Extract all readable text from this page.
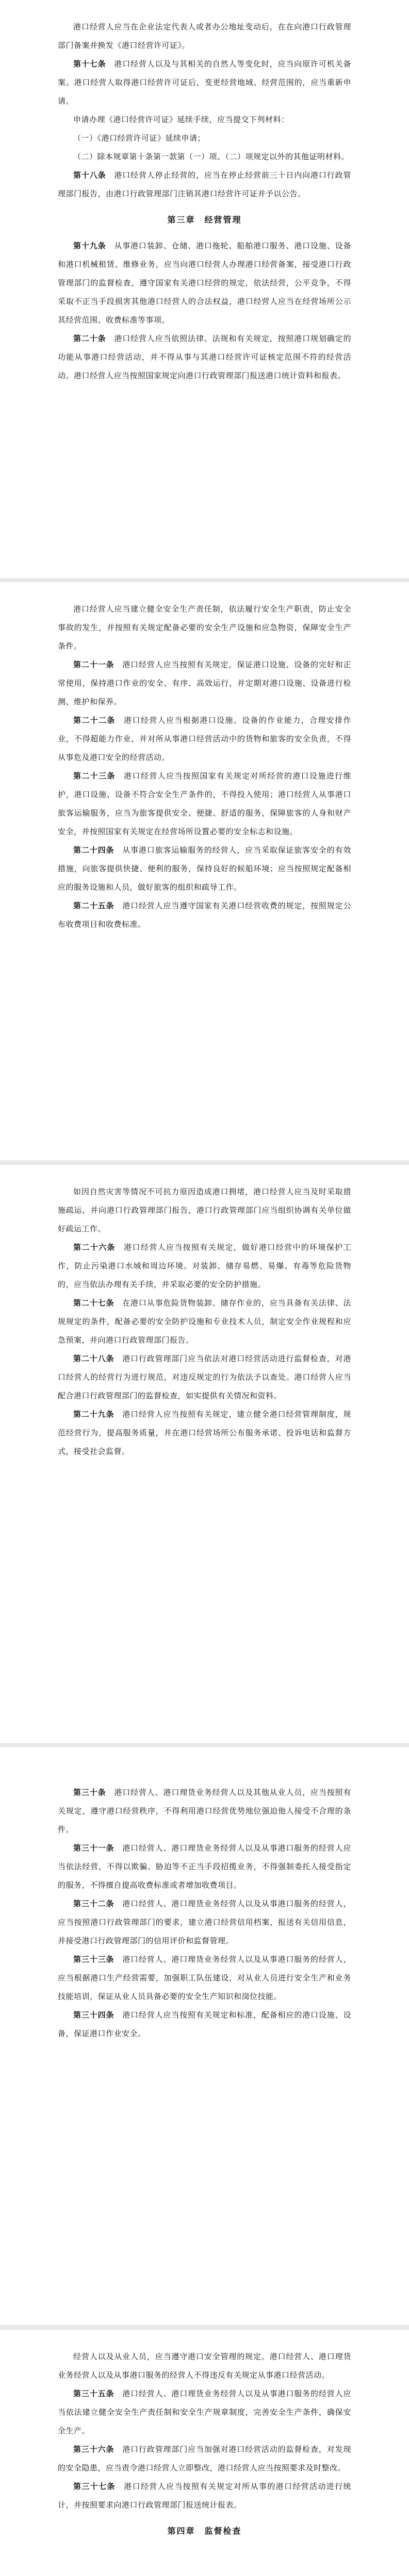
港口经营人应当在企业法定代表人或者办公地址变动后，在在向港口行政管理部门备案并换发《港口经营许可证》。

第十七条　 港口经营人以及与其相关的自然人等变化时，应当向原许可机关备案。港口经营人取得港口经营许可证后，变更经营地域、经营范围的，应当重新申请。

申请办理《港口经营许可证》延续手续，应当提交下列材料：

（一）《港口经营许可证》延续申请；

（二）除本规章第十条第一款第（一）项、（二）项规定以外的其他证明材料。

第十八条　 港口经营人停止经营的，应当在停止经营前三十日内向港口行政管理部门报告，由港口行政管理部门注销其港口经营许可证并予以公告。

第三章　经营管理

第十九条　 从事港口装卸、仓储、港口拖轮、船舶港口服务、港口设施、设备和港口机械租赁、维修业务，应当向港口经营人办理港口经营备案，接受港口行政管理部门的监督检查，遵守国家有关港口经营的规定，依法经营，公平竞争，不得采取不正当手段损害其他港口经营人的合法权益，港口经营人应当在经营场所公示其经营范围、收费标准等事项。

第二十条　 港口经营人应当依照法律、法规和有关规定，按照港口规划确定的功能从事港口经营活动，并不得从事与其港口经营许可证核定范围不符的经营活动。港口经营人应当按照国家规定向港口行政管理部门报送港口统计资料和报表。

港口经营人应当建立健全安全生产责任制，依法履行安全生产职责，防止安全事故的发生，并按照有关规定配备必要的安全生产设施和应急物资，保障安全生产条件。

第二十一条　 港口经营人应当按照有关规定，保证港口设施、设备的完好和正常使用，保持港口作业的安全、有序、高效运行，并定期对港口设施、设备进行检测、维护和保养。

第二十二条　 港口经营人应当根据港口设施、设备的作业能力，合理安排作业，不得超能力作业，并对所从事港口经营活动中的货物和旅客的安全负责，不得从事危及港口安全的经营活动。

第二十三条　 港口经营人应当按照国家有关规定对所经营的港口设施进行维护，港口设施、设备不符合安全生产条件的，不得投入使用；港口经营人从事港口旅客运输服务，应当为旅客提供安全、便捷、舒适的服务，保障旅客的人身和财产安全，并按照国家有关规定在经营场所设置必要的安全标志和设施。

第二十四条　 从事港口旅客运输服务的经营人，应当采取保证旅客安全的有效措施，向旅客提供快捷、便利的服务，保持良好的候船环境；应当按照规定配备相应的服务设施和人员，做好旅客的组织和疏导工作。

第二十五条　 港口经营人应当遵守国家有关港口经营收费的规定，按照规定公布收费项目和收费标准。

如因自然灾害等情况不可抗力原因造成港口拥堵，港口经营人应当及时采取措施疏运，并向港口行政管理部门报告，港口行政管理部门应当组织协调有关单位做好疏运工作。

第二十六条　 港口经营人应当按照有关规定，做好港口经营中的环境保护工作，防止污染港口水域和周边环境。对装卸、储存易燃、易爆、有毒等危险货物的，应当依法办理有关手续，并采取必要的安全防护措施。

第二十七条　 在港口从事危险货物装卸、储存作业的，应当具备有关法律、法规规定的条件，配备必要的安全防护设施和专业技术人员，制定安全作业规程和应急预案，并向港口行政管理部门报告。

第二十八条　 港口行政管理部门应当依法对港口经营活动进行监督检查，对港口经营人的经营行为进行规范，对违反规定的行为依法予以查处。港口经营人应当配合港口行政管理部门的监督检查，如实提供有关情况和资料。

第二十九条　 港口经营人应当按照有关规定，建立健全港口经营管理制度，规范经营行为，提高服务质量，并在港口经营场所公布服务承诺、投诉电话和监督方式，接受社会监督。

第三十条　 港口经营人、港口理货业务经营人以及其他从业人员，应当按照有关规定，遵守港口经营秩序，不得利用港口经营优势地位强迫他人接受不合理的条件。

第三十一条　 港口经营人、港口理货业务经营人以及从事港口服务的经营人应当依法经营，不得以欺骗、胁迫等不正当手段招揽业务，不得强制委托人接受指定的服务，不得擅自提高收费标准或者增加收费项目。

第三十二条　 港口经营人、港口理货业务经营人以及从事港口服务的经营人，应当按照港口行政管理部门的要求，建立港口经营信用档案，报送有关信用信息，并接受港口行政管理部门的信用评价和监督管理。

第三十三条　 港口经营人、港口理货业务经营人以及从事港口服务的经营人，应当根据港口生产经营需要，加强职工队伍建设，对从业人员进行安全生产和业务技能培训，保证从业人员具备必要的安全生产知识和岗位技能。

第三十四条　 港口经营人应当按照有关规定和标准，配备相应的港口设施、设备，保证港口作业安全。

经营人以及从业人员，应当遵守港口安全管理的规定。港口经营人、港口理货业务经营人以及从事港口服务的经营人不得违反有关规定从事港口经营活动。

第三十五条　 港口经营人、港口理货业务经营人以及从事港口服务的经营人应当依法建立健全安全生产责任制和安全生产规章制度，完善安全生产条件，确保安全生产。

第三十六条　 港口行政管理部门应当加强对港口经营活动的监督检查，对发现的安全隐患，应当责令港口经营人立即整改，港口经营人应当按照要求及时整改。

第三十七条　 港口经营人应当按照有关规定对所从事的港口经营活动进行统计，并按照要求向港口行政管理部门报送统计报表。

第四章　监督检查
